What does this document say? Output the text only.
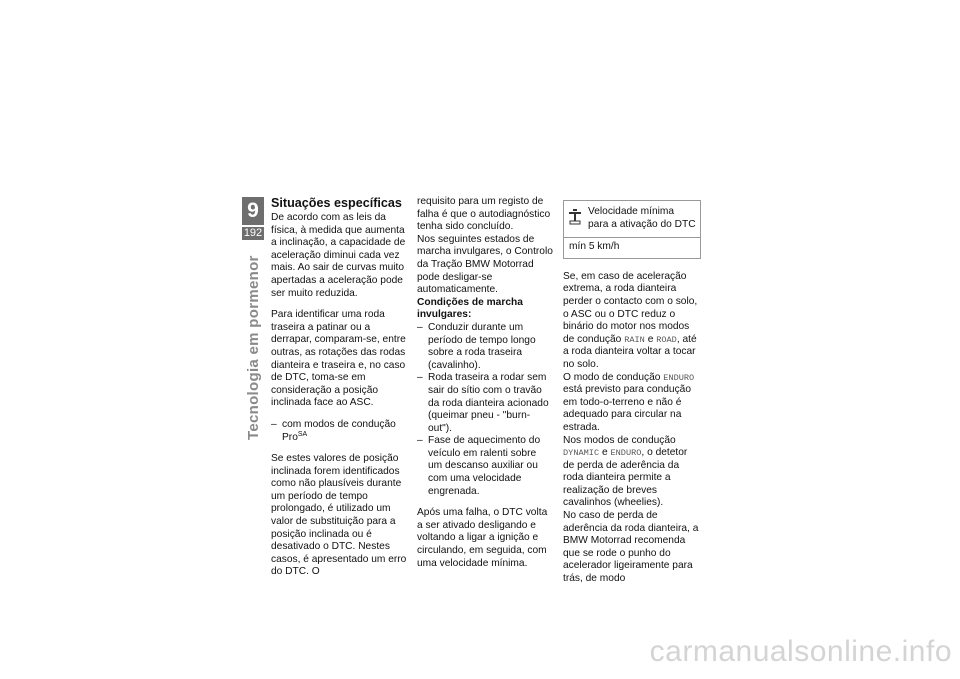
9
192
Tecnologia em pormenor
Situações específicas

De acordo com as leis da física, à medida que aumenta a inclinação, a capacidade de aceleração diminui cada vez mais. Ao sair de curvas muito apertadas a aceleração pode ser muito reduzida.

Para identificar uma roda traseira a patinar ou a derrapar, comparam-se, entre outras, as rotações das rodas dianteira e traseira e, no caso de DTC, toma-se em consideração a posição inclinada face ao ASC.

– com modos de condução
Pro$^{SA}$

Se estes valores de posição inclinada forem identificados como não plausíveis durante um período de tempo prolongado, é utilizado um valor de substituição para a posição inclinada ou é desativado o DTC. Nestes casos, é apresentado um erro do DTC. O

requisito para um registo de falha é que o autodiagnóstico tenha sido concluído.

Nos seguintes estados de marcha invulgares, o Controlo da Tração BMW Motorrad pode desligar-se automaticamente.

Condições de marcha invulgares:
– Conduzir durante um período de tempo longo sobre a roda traseira (cavalinho).
– Roda traseira a rodar sem sair do sítio com o travão da roda dianteira acionado (queimar pneu - "burn-out").
– Fase de aquecimento do veículo em ralenti sobre um descanso auxiliar ou com uma velocidade engrenada.

Após uma falha, o DTC volta a ser ativado desligando e voltando a ligar a ignição e circulando, em seguida, com uma velocidade mínima.

Velocidade mínima para a ativação do DTC
mín 5 km/h

Se, em caso de aceleração extrema, a roda dianteira perder o contacto com o solo, o ASC ou o DTC reduz o binário do motor nos modos de condução RAIN e ROAD, até a roda dianteira voltar a tocar no solo.

O modo de condução ENDURO está previsto para condução em todo-o-terreno e não é adequado para circular na estrada.

Nos modos de condução DYNAMIC e ENDURO, o detetor de perda de aderência da roda dianteira permite a realização de breves cavalinhos (wheelies).

No caso de perda de aderência da roda dianteira, a BMW Motorrad recomenda que se rode o punho do acelerador ligeiramente para trás, de modo

carmanualsonline.info
